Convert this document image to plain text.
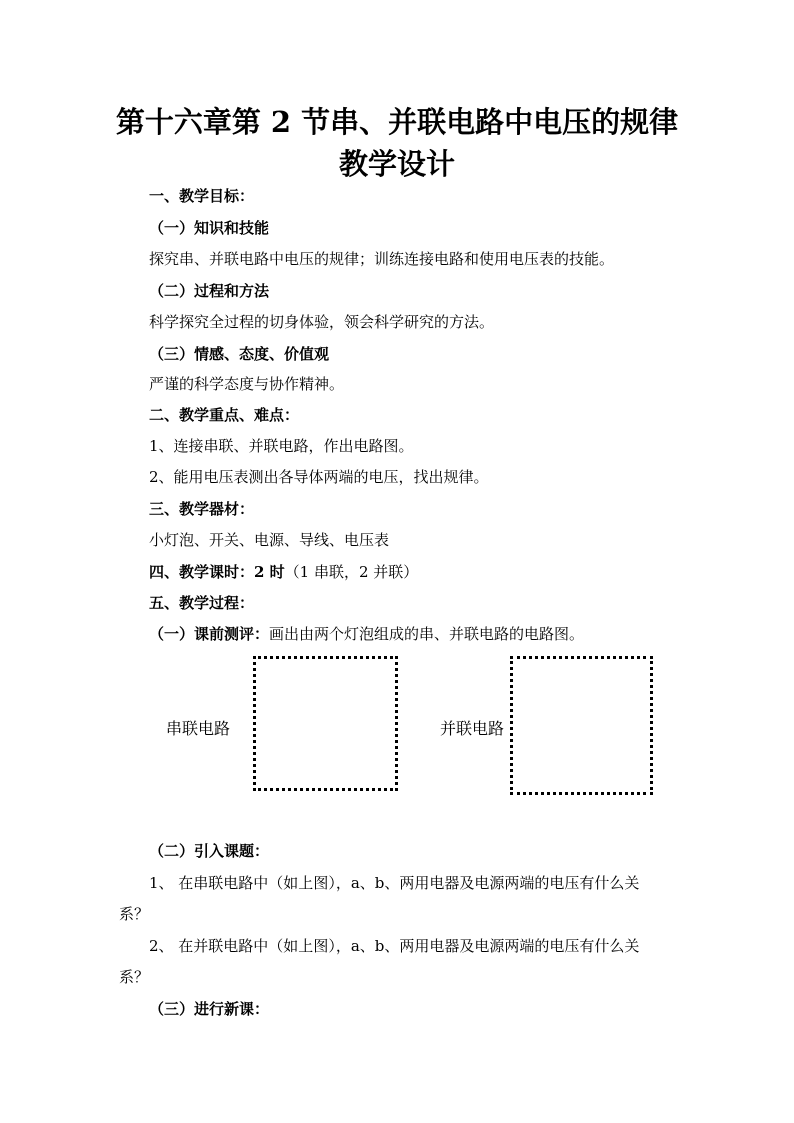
第十六章第 2 节串、并联电路中电压的规律
教学设计
一、教学目标：
（一）知识和技能
探究串、并联电路中电压的规律；训练连接电路和使用电压表的技能。
（二）过程和方法
科学探究全过程的切身体验，领会科学研究的方法。
（三）情感、态度、价值观
严谨的科学态度与协作精神。
二、教学重点、难点：
1、连接串联、并联电路，作出电路图。
2、能用电压表测出各导体两端的电压，找出规律。
三、教学器材：
小灯泡、开关、电源、导线、电压表
四、教学课时：2 时（1 串联，2 并联）
五、教学过程：
（一）课前测评：画出由两个灯泡组成的串、并联电路的电路图。
串联电路	并联电路
（二）引入课题：
1、 在串联电路中（如上图），a、b、两用电器及电源两端的电压有什么关
系？
2、 在并联电路中（如上图），a、b、两用电器及电源两端的电压有什么关
系？
（三）进行新课：
